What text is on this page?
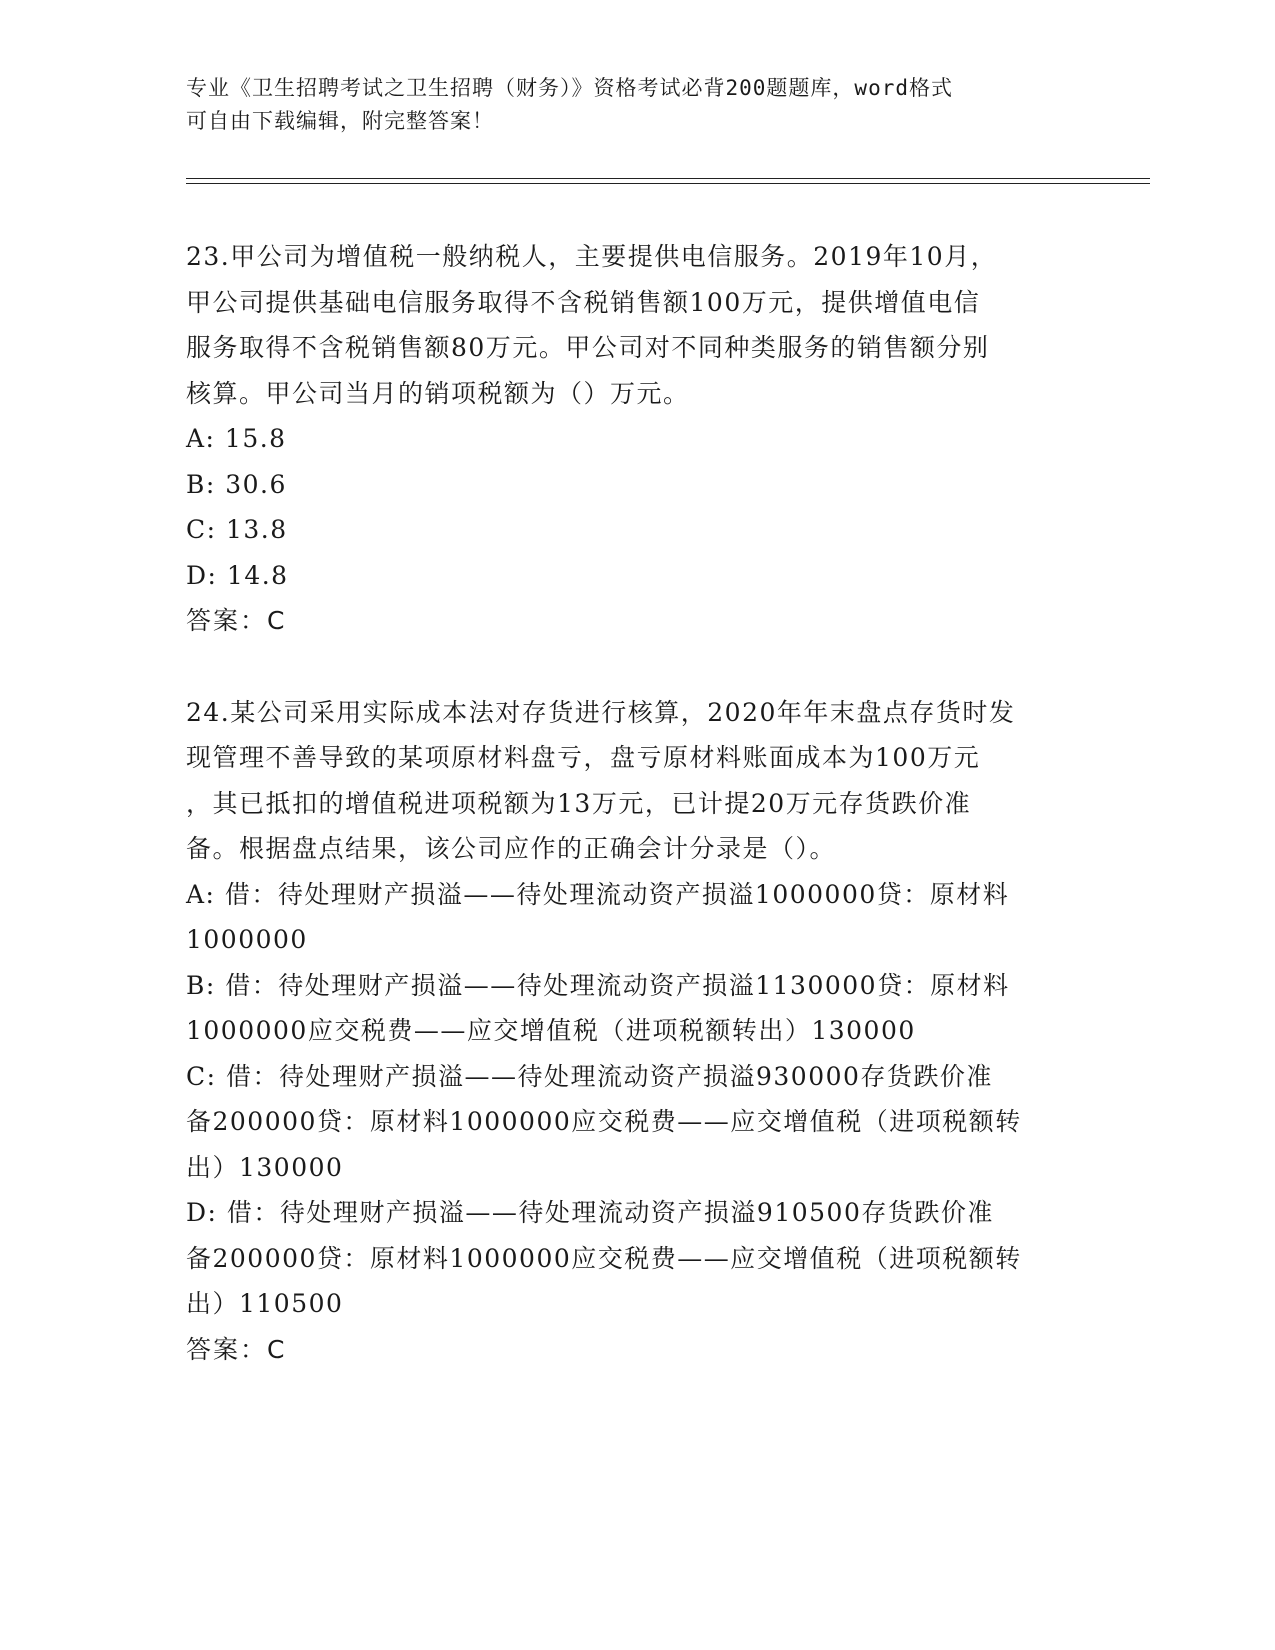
专业《卫生招聘考试之卫生招聘（财务）》资格考试必背200题题库，word格式
可自由下载编辑，附完整答案！
23.甲公司为增值税一般纳税人，主要提供电信服务。2019年10月，
甲公司提供基础电信服务取得不含税销售额100万元，提供增值电信
服务取得不含税销售额80万元。甲公司对不同种类服务的销售额分别
核算。甲公司当月的销项税额为（）万元。
A: 15.8
B: 30.6
C: 13.8
D: 14.8
答案：C
24.某公司采用实际成本法对存货进行核算，2020年年末盘点存货时发
现管理不善导致的某项原材料盘亏，盘亏原材料账面成本为100万元
，其已抵扣的增值税进项税额为13万元，已计提20万元存货跌价准
备。根据盘点结果，该公司应作的正确会计分录是（）。
A: 借：待处理财产损溢——待处理流动资产损溢1000000贷：原材料
1000000
B: 借：待处理财产损溢——待处理流动资产损溢1130000贷：原材料
1000000应交税费——应交增值税（进项税额转出）130000
C: 借：待处理财产损溢——待处理流动资产损溢930000存货跌价准
备200000贷：原材料1000000应交税费——应交增值税（进项税额转
出）130000
D: 借：待处理财产损溢——待处理流动资产损溢910500存货跌价准
备200000贷：原材料1000000应交税费——应交增值税（进项税额转
出）110500
答案：C
